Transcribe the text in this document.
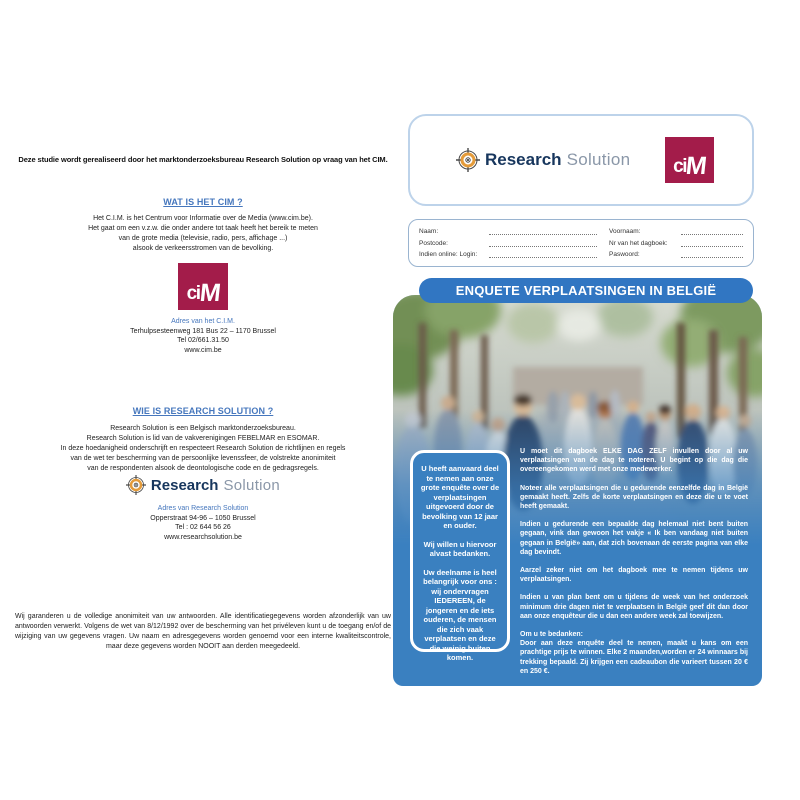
Deze studie wordt gerealiseerd door het marktonderzoeksbureau Research Solution op vraag van het CIM.
WAT IS HET CIM ?
Het C.I.M. is het Centrum voor Informatie over de Media (www.cim.be).
Het gaat om een v.z.w. die onder andere tot taak heeft het bereik te meten
van de grote media (televisie, radio, pers, affichage ...)
alsook de verkeersstromen van de bevolking.
ci
M
Adres van het C.I.M.
Terhulpsesteenweg 181 Bus 22 – 1170 Brussel
Tel 02/661.31.50
www.cim.be
WIE IS RESEARCH SOLUTION ?
Research Solution is een Belgisch marktonderzoeksbureau.
Research Solution is lid van de vakverenigingen FEBELMAR en ESOMAR.
In deze hoedanigheid onderschrijft en respecteert Research Solution de richtlijnen en regels
van de wet ter bescherming van de persoonlijke levenssfeer, de volstrekte anonimiteit
van de respondenten alsook de deontologische code en de gedragsregels.
Research Solution
Adres van Research Solution
Opperstraat 94-96 – 1050 Brussel
Tel : 02 644 56 26
www.researchsolution.be
Wij garanderen u de volledige anonimiteit van uw antwoorden. Alle identificatiegegevens worden afzonderlijk van uw antwoorden verwerkt. Volgens de wet van 8/12/1992 over de bescherming van het privéleven kunt u de toegang en/of de wijziging van uw gegevens vragen. Uw naam en adresgegevens worden genoemd voor een interne kwaliteitscontrole, maar deze gegevens worden NOOIT aan derden meegedeeld.
Research Solution ci
M
Naam:	Voornaam:
Postcode:	Nr van het dagboek:
Indien online: Login:	Paswoord:
ENQUETE VERPLAATSINGEN IN BELGIË

U heeft aanvaard deel te nemen aan onze grote enquête over de verplaatsingen uitgevoerd door de bevolking van 12 jaar en ouder.

Wij willen u hiervoor alvast bedanken.

Uw deelname is heel belangrijk voor ons : wij ondervragen IEDEREEN, de jongeren en de iets ouderen, de mensen die zich vaak verplaatsen en deze die weinig buiten komen.

U moet dit dagboek ELKE DAG ZELF invullen door al uw verplaatsingen van de dag te noteren. U begint op die dag die overeengekomen werd met onze medewerker.

Noteer alle verplaatsingen die u gedurende eenzelfde dag in België gemaakt heeft. Zelfs de korte verplaatsingen en deze die u te voet heeft gemaakt.

Indien u gedurende een bepaalde dag helemaal niet bent buiten gegaan, vink dan gewoon het vakje « Ik ben vandaag niet buiten gegaan in België» aan, dat zich bovenaan de eerste pagina van elke dag bevindt.

Aarzel zeker niet om het dagboek mee te nemen tijdens uw verplaatsingen.

Indien u van plan bent om u tijdens de week van het onderzoek minimum drie dagen niet te verplaatsen in België geef dit dan door aan onze enquêteur die u dan een andere week zal toewijzen.

Om u te bedanken:
Door aan deze enquête deel te nemen, maakt u kans om een prachtige prijs te winnen. Elke 2 maanden,worden er 24 winnaars bij trekking bepaald. Zij krijgen een cadeaubon die varieert tussen 20 € en 250 €.
